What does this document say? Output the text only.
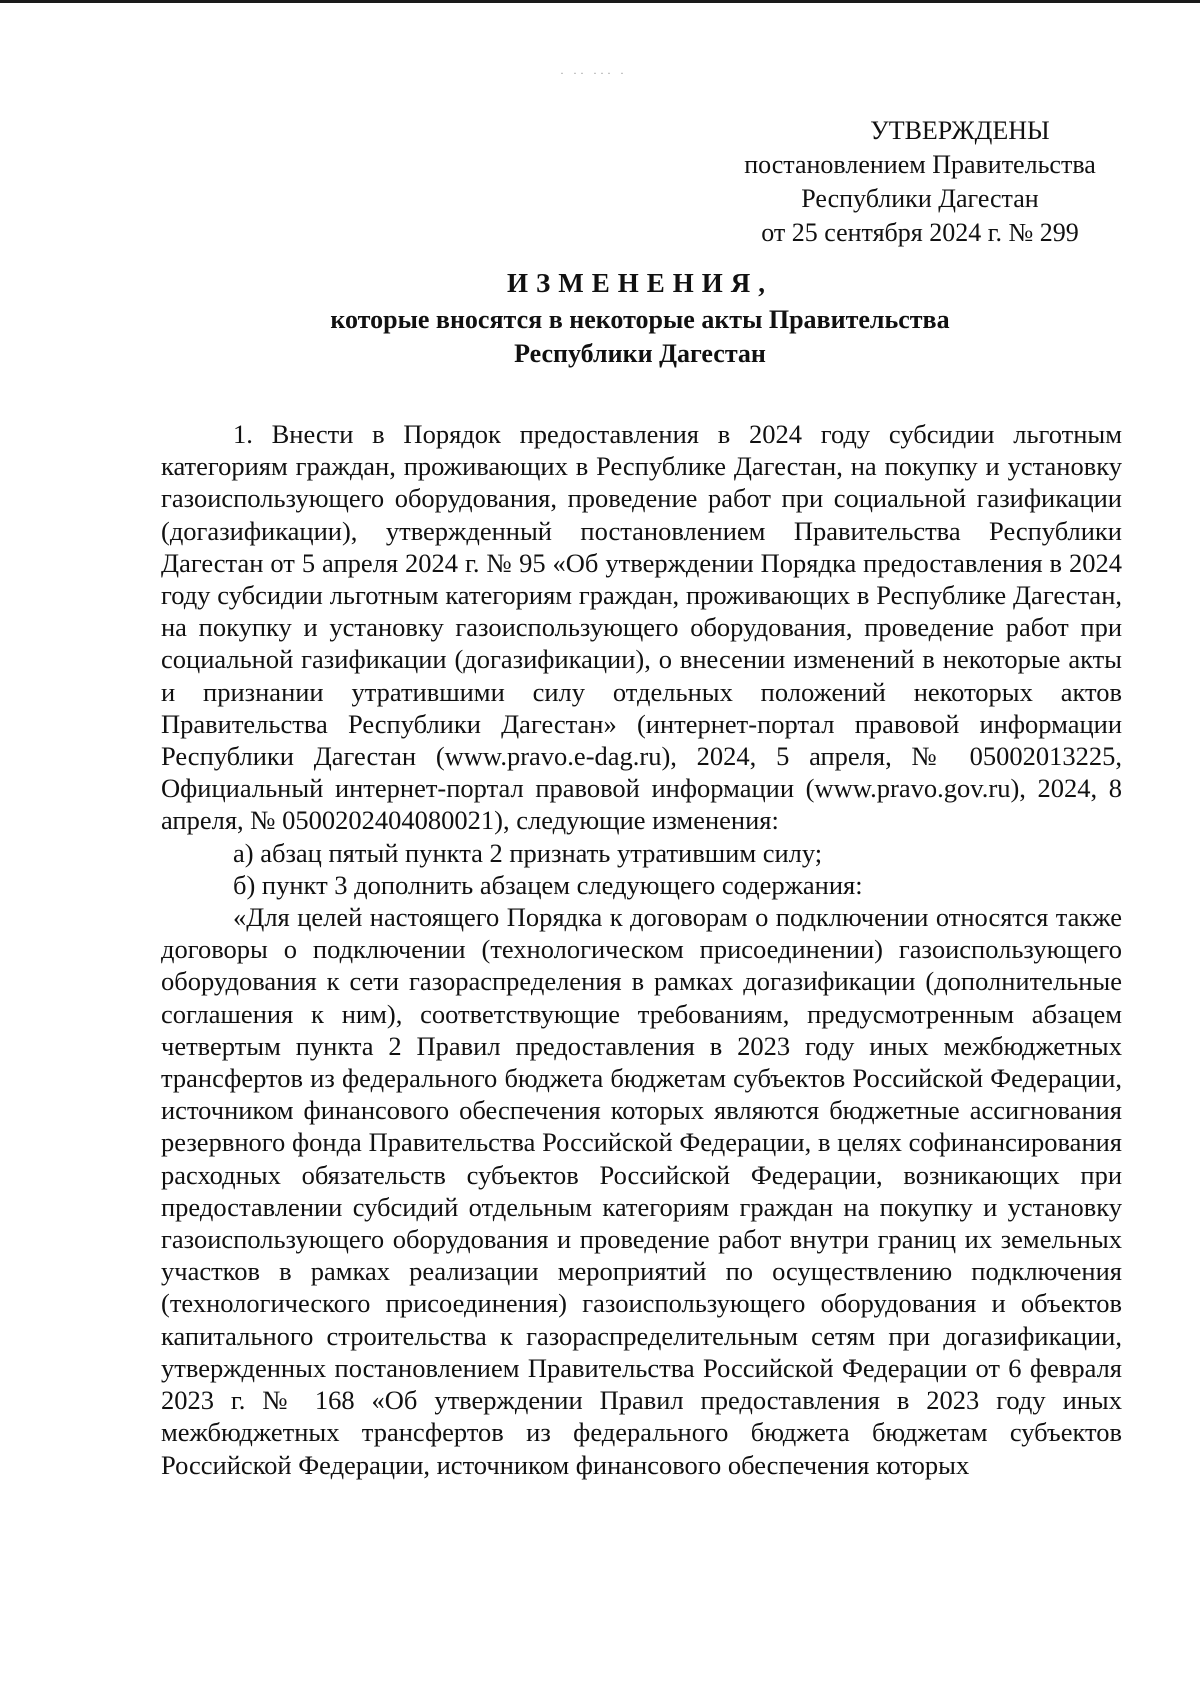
· ·· ··· ·
УТВЕРЖДЕНЫ
постановлением Правительства
Республики Дагестан
от 25 сентября 2024 г. № 299
ИЗМЕНЕНИЯ,
которые вносятся в некоторые акты Правительства
Республики Дагестан

1. Внести в Порядок предоставления в 2024 году субсидии льготным категориям граждан, проживающих в Республике Дагестан, на покупку и установку газоиспользующего оборудования, проведение работ при социальной газификации (догазификации), утвержденный постановлением Правительства Республики Дагестан от 5 апреля 2024 г. № 95 «Об утверждении Порядка предоставления в 2024 году субсидии льготным категориям граждан, проживающих в Республике Дагестан, на покупку и установку газоиспользующего оборудования, проведение работ при социальной газификации (догазификации), о внесении изменений в некоторые акты и признании утратившими силу отдельных положений некоторых актов Правительства Республики Дагестан» (интернет-портал правовой информации Республики Дагестан (www.pravo.e-dag.ru), 2024, 5 апреля, № 05002013225, Официальный интернет-портал правовой информации (www.pravo.gov.ru), 2024, 8 апреля, № 0500202404080021), следующие изменения:

а) абзац пятый пункта 2 признать утратившим силу;

б) пункт 3 дополнить абзацем следующего содержания:

«Для целей настоящего Порядка к договорам о подключении относятся также договоры о подключении (технологическом присоединении) газоиспользующего оборудования к сети газораспределения в рамках догазификации (дополнительные соглашения к ним), соответствующие требованиям, предусмотренным абзацем четвертым пункта 2 Правил предоставления в 2023 году иных межбюджетных трансфертов из федерального бюджета бюджетам субъектов Российской Федерации, источником финансового обеспечения которых являются бюджетные ассигнования резервного фонда Правительства Российской Федерации, в целях софинансирования расходных обязательств субъектов Российской Федерации, возникающих при предоставлении субсидий отдельным категориям граждан на покупку и установку газоиспользующего оборудования и проведение работ внутри границ их земельных участков в рамках реализации мероприятий по осуществлению подключения (технологического присоединения) газоиспользующего оборудования и объектов капитального строительства к газораспределительным сетям при догазификации, утвержденных постановлением Правительства Российской Федерации от 6 февраля 2023 г. № 168 «Об утверждении Правил предоставления в 2023 году иных межбюджетных трансфертов из федерального бюджета бюджетам субъектов Российской Федерации, источником финансового обеспечения которых
